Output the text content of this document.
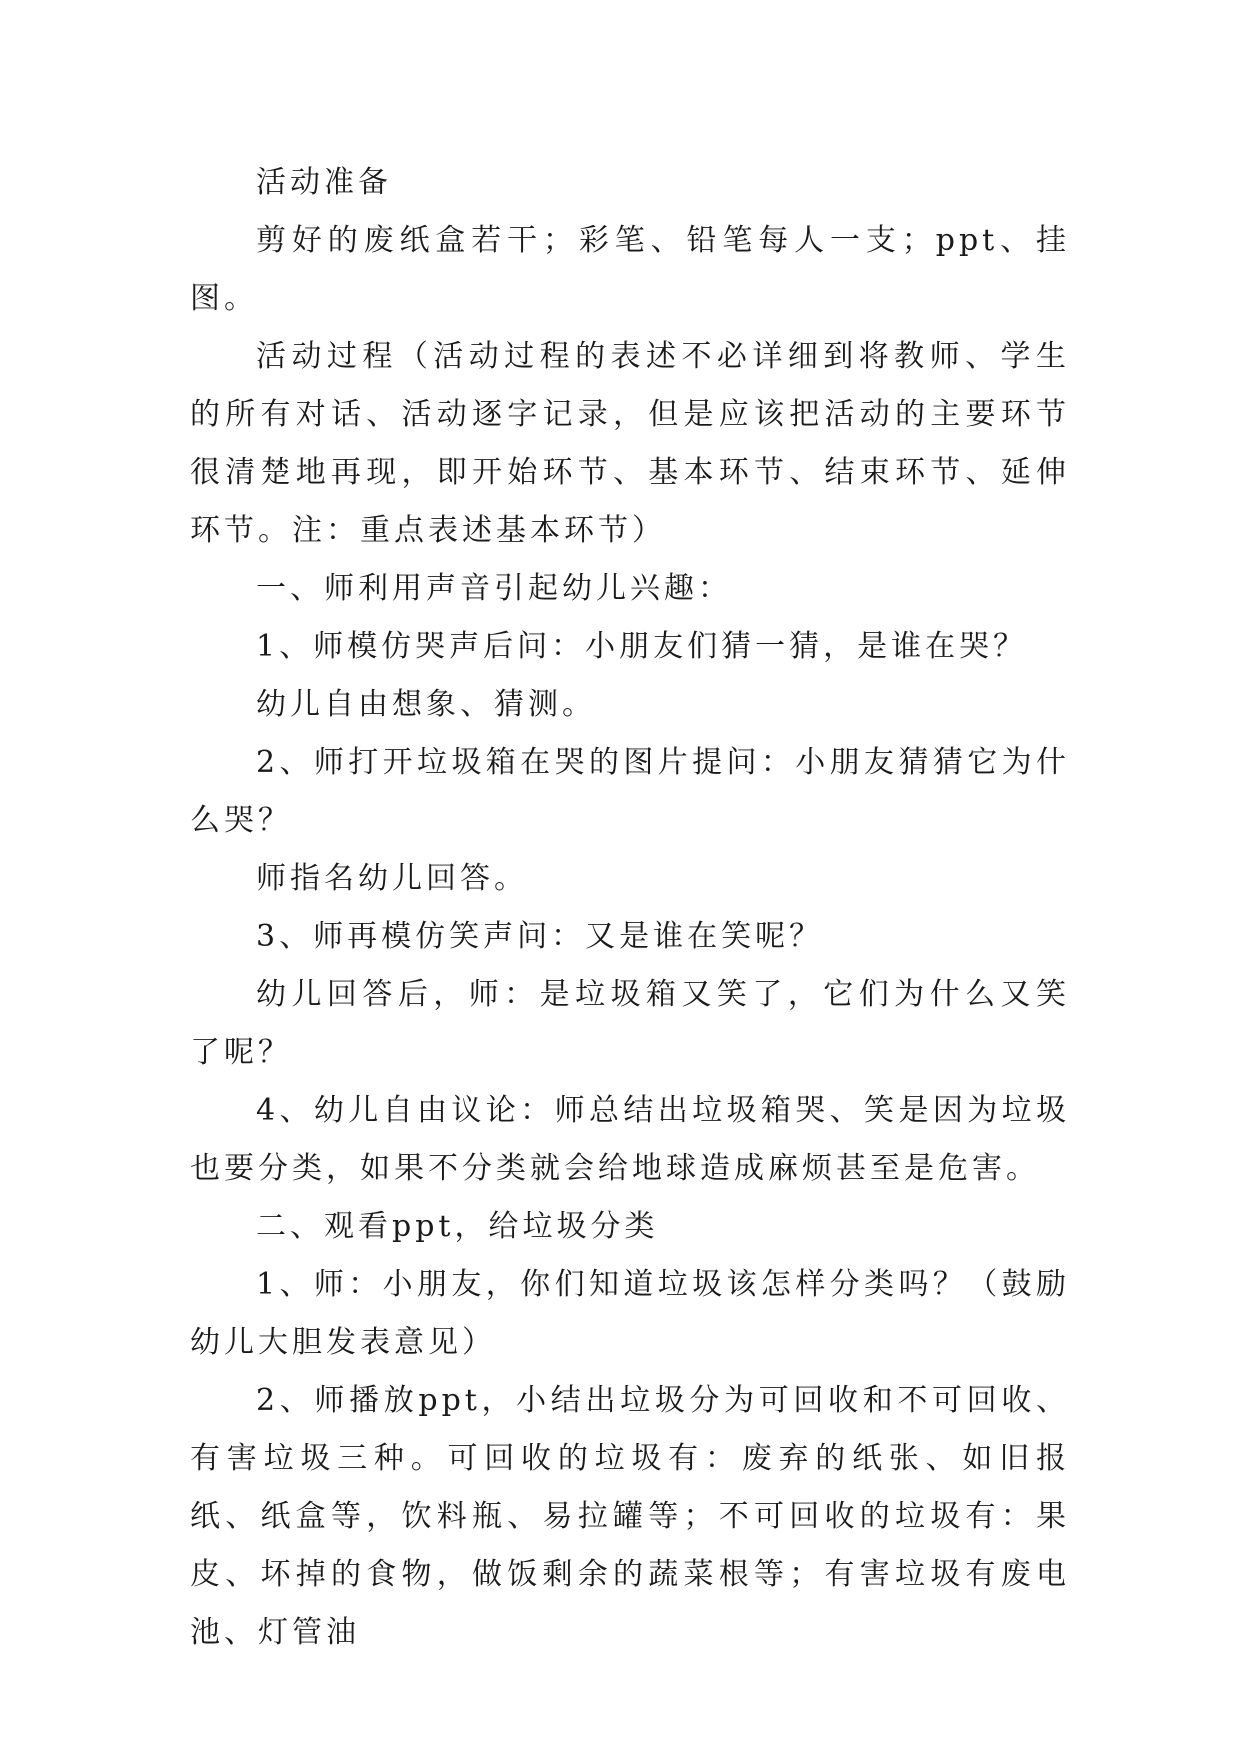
活动准备

剪好的废纸盒若干；彩笔、铅笔每人一支；ppt、挂图。

活动过程（活动过程的表述不必详细到将教师、学生的所有对话、活动逐字记录，但是应该把活动的主要环节很清楚地再现，即开始环节、基本环节、结束环节、延伸环节。注：重点表述基本环节）

一、师利用声音引起幼儿兴趣：

1、师模仿哭声后问：小朋友们猜一猜，是谁在哭？

幼儿自由想象、猜测。

2、师打开垃圾箱在哭的图片提问：小朋友猜猜它为什么哭？

师指名幼儿回答。

3、师再模仿笑声问：又是谁在笑呢？

幼儿回答后，师：是垃圾箱又笑了，它们为什么又笑了呢？

4、幼儿自由议论：师总结出垃圾箱哭、笑是因为垃圾也要分类，如果不分类就会给地球造成麻烦甚至是危害。

二、观看ppt，给垃圾分类

1、师：小朋友，你们知道垃圾该怎样分类吗？（鼓励幼儿大胆发表意见）

2、师播放ppt，小结出垃圾分为可回收和不可回收、有害垃圾三种。可回收的垃圾有：废弃的纸张、如旧报纸、纸盒等，饮料瓶、易拉罐等；不可回收的垃圾有：果皮、坏掉的食物，做饭剩余的蔬菜根等；有害垃圾有废电池、灯管油
